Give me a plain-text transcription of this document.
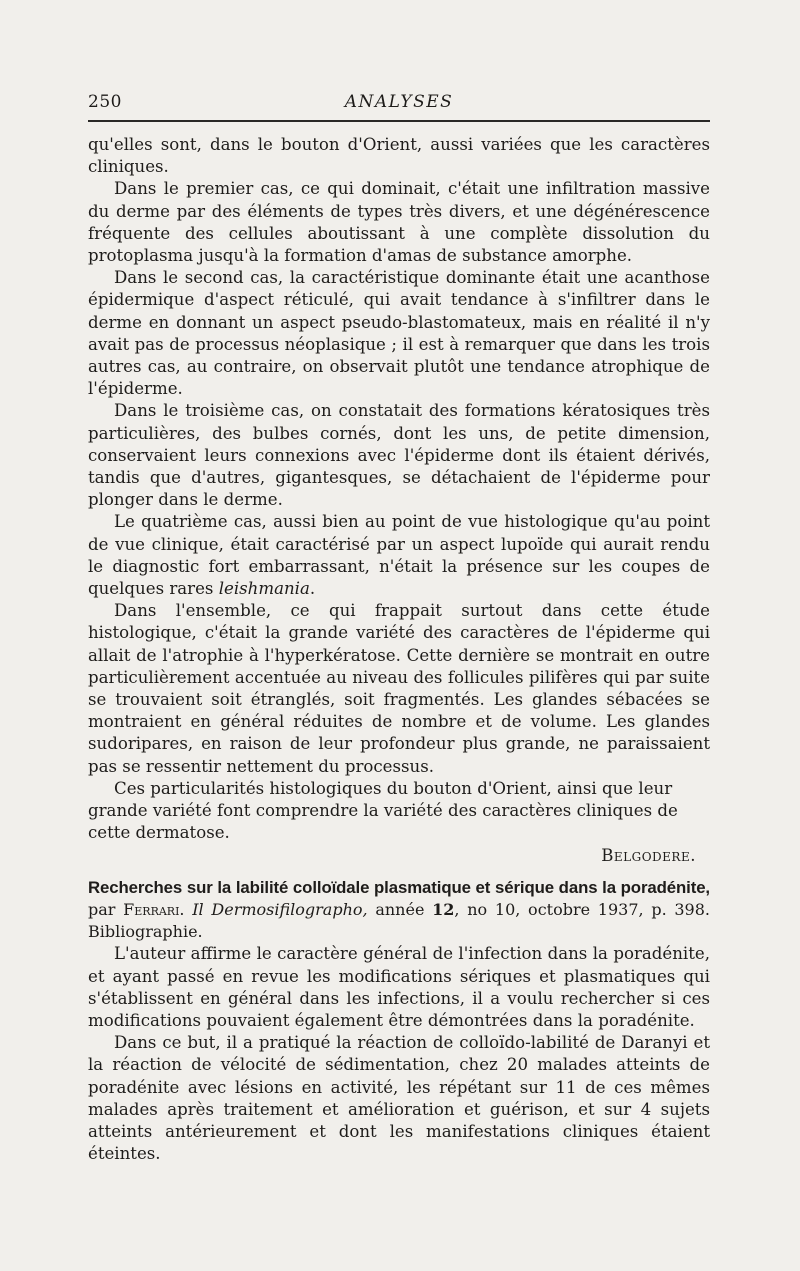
250	ANALYSES

qu'elles sont, dans le bouton d'Orient, aussi variées que les caractères cliniques.

Dans le premier cas, ce qui dominait, c'était une infiltration massive du derme par des éléments de types très divers, et une dégénérescence fréquente des cellules aboutissant à une complète dissolution du protoplasma jusqu'à la formation d'amas de substance amorphe.

Dans le second cas, la caractéristique dominante était une acanthose épidermique d'aspect réticulé, qui avait tendance à s'infiltrer dans le derme en donnant un aspect pseudo-blastomateux, mais en réalité il n'y avait pas de processus néoplasique ; il est à remarquer que dans les trois autres cas, au contraire, on observait plutôt une tendance atrophique de l'épiderme.

Dans le troisième cas, on constatait des formations kératosiques très particulières, des bulbes cornés, dont les uns, de petite dimension, conservaient leurs connexions avec l'épiderme dont ils étaient dérivés, tandis que d'autres, gigantesques, se détachaient de l'épiderme pour plonger dans le derme.

Le quatrième cas, aussi bien au point de vue histologique qu'au point de vue clinique, était caractérisé par un aspect lupoïde qui aurait rendu le diagnostic fort embarrassant, n'était la présence sur les coupes de quelques rares leishmania.

Dans l'ensemble, ce qui frappait surtout dans cette étude histologique, c'était la grande variété des caractères de l'épiderme qui allait de l'atrophie à l'hyperkératose. Cette dernière se montrait en outre particulièrement accentuée au niveau des follicules pilifères qui par suite se trouvaient soit étranglés, soit fragmentés. Les glandes sébacées se montraient en général réduites de nombre et de volume. Les glandes sudoripares, en raison de leur profondeur plus grande, ne paraissaient pas se ressentir nettement du processus.

Ces particularités histologiques du bouton d'Orient, ainsi que leur grande variété font comprendre la variété des caractères cliniques de cette dermatose.

Belgodere.

Recherches sur la labilité colloïdale plasmatique et sérique dans la poradénite, par Ferrari. Il Dermosifilographo, année 12, no 10, octobre 1937, p. 398. Bibliographie.

L'auteur affirme le caractère général de l'infection dans la poradénite, et ayant passé en revue les modifications sériques et plasmatiques qui s'établissent en général dans les infections, il a voulu rechercher si ces modifications pouvaient également être démontrées dans la poradénite.

Dans ce but, il a pratiqué la réaction de colloïdo-labilité de Daranyi et la réaction de vélocité de sédimentation, chez 20 malades atteints de poradénite avec lésions en activité, les répétant sur 11 de ces mêmes malades après traitement et amélioration et guérison, et sur 4 sujets atteints antérieurement et dont les manifestations cliniques étaient éteintes.
